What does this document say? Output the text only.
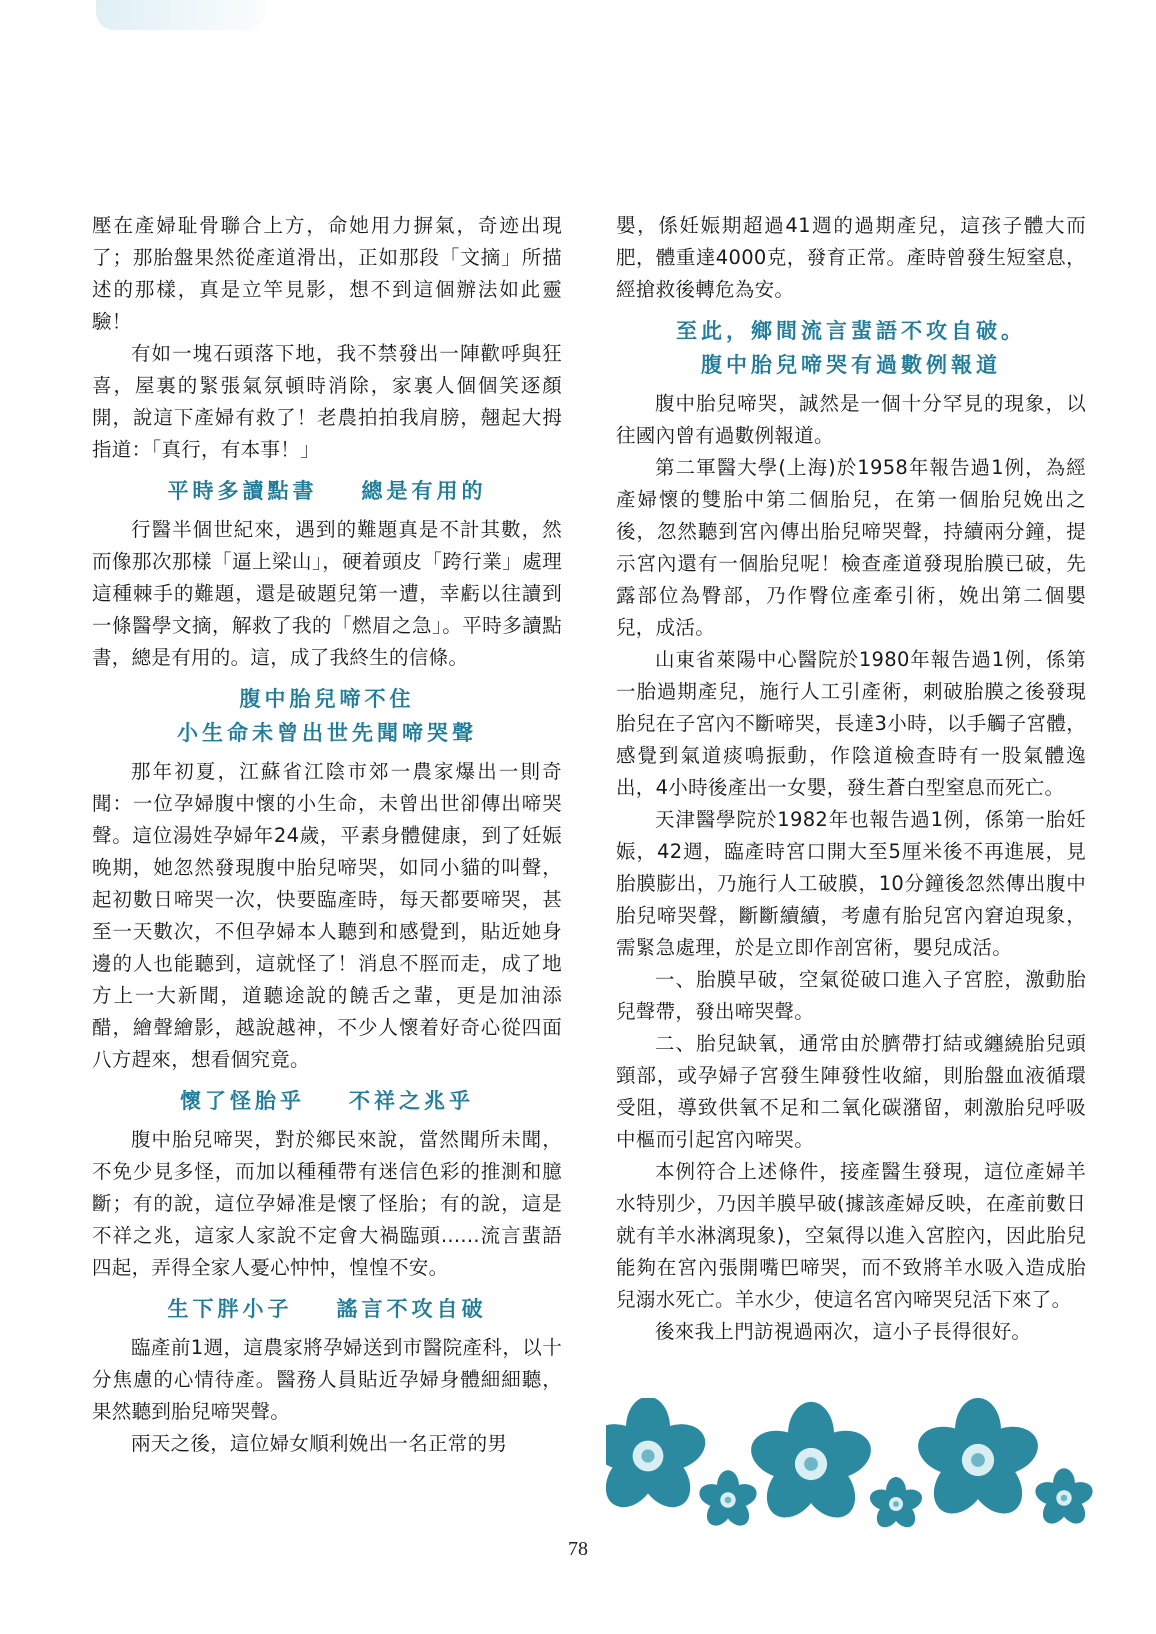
壓在產婦耻骨聯合上方，命她用力摒氣，奇迹出現了；那胎盤果然從產道滑出，正如那段「文摘」所描述的那樣，真是立竿見影，想不到這個辦法如此靈驗！

有如一塊石頭落下地，我不禁發出一陣歡呼與狂喜，屋裏的緊張氣氛頓時消除，家裏人個個笑逐顏開，說這下產婦有救了！老農拍拍我肩膀，翹起大拇指道：「真行，有本事！」

平時多讀點書 總是有用的

行醫半個世紀來，遇到的難題真是不計其數，然而像那次那樣「逼上梁山」，硬着頭皮「跨行業」處理這種棘手的難題，還是破題兒第一遭，幸虧以往讀到一條醫學文摘，解救了我的「燃眉之急」。平時多讀點書，總是有用的。這，成了我終生的信條。

腹中胎兒啼不住
小生命未曾出世先聞啼哭聲

那年初夏，江蘇省江陰市郊一農家爆出一則奇聞：一位孕婦腹中懷的小生命，未曾出世卻傳出啼哭聲。這位湯姓孕婦年24歲，平素身體健康，到了妊娠晚期，她忽然發現腹中胎兒啼哭，如同小貓的叫聲，起初數日啼哭一次，快要臨產時，每天都要啼哭，甚至一天數次，不但孕婦本人聽到和感覺到，貼近她身邊的人也能聽到，這就怪了！消息不脛而走，成了地方上一大新聞，道聽途說的饒舌之輩，更是加油添醋，繪聲繪影，越說越神，不少人懷着好奇心從四面八方趕來，想看個究竟。

懷了怪胎乎 不祥之兆乎

腹中胎兒啼哭，對於鄉民來說，當然聞所未聞，不免少見多怪，而加以種種帶有迷信色彩的推測和臆斷；有的說，這位孕婦准是懷了怪胎；有的說，這是不祥之兆，這家人家說不定會大禍臨頭......流言蜚語四起，弄得全家人憂心忡忡，惶惶不安。

生下胖小子 謠言不攻自破

臨產前1週，這農家將孕婦送到市醫院產科，以十分焦慮的心情待產。醫務人員貼近孕婦身體細細聽，果然聽到胎兒啼哭聲。

兩天之後，這位婦女順利娩出一名正常的男

嬰，係妊娠期超過41週的過期產兒，這孩子體大而肥，體重達4000克，發育正常。產時曾發生短窒息，經搶救後轉危為安。

至此，鄉間流言蜚語不攻自破。
腹中胎兒啼哭有過數例報道

腹中胎兒啼哭，誠然是一個十分罕見的現象，以往國內曾有過數例報道。

第二軍醫大學(上海)於1958年報告過1例，為經產婦懷的雙胎中第二個胎兒，在第一個胎兒娩出之後，忽然聽到宮內傳出胎兒啼哭聲，持續兩分鐘，提示宮內還有一個胎兒呢！檢查產道發現胎膜已破，先露部位為臀部，乃作臀位產牽引術，娩出第二個嬰兒，成活。

山東省萊陽中心醫院於1980年報告過1例，係第一胎過期產兒，施行人工引產術，刺破胎膜之後發現胎兒在子宮內不斷啼哭，長達3小時，以手觸子宮體，感覺到氣道痰鳴振動，作陰道檢查時有一股氣體逸出，4小時後產出一女嬰，發生蒼白型窒息而死亡。

天津醫學院於1982年也報告過1例，係第一胎妊娠，42週，臨產時宮口開大至5厘米後不再進展，見胎膜膨出，乃施行人工破膜，10分鐘後忽然傳出腹中胎兒啼哭聲，斷斷續續，考慮有胎兒宮內窘迫現象，需緊急處理，於是立即作剖宮術，嬰兒成活。

一、胎膜早破，空氣從破口進入子宮腔，激動胎兒聲帶，發出啼哭聲。

二、胎兒缺氧，通常由於臍帶打結或纏繞胎兒頭頸部，或孕婦子宮發生陣發性收縮，則胎盤血液循環受阻，導致供氧不足和二氧化碳潴留，刺激胎兒呼吸中樞而引起宮內啼哭。

本例符合上述條件，接產醫生發現，這位產婦羊水特別少，乃因羊膜早破(據該產婦反映，在產前數日就有羊水淋漓現象)，空氣得以進入宮腔內，因此胎兒能夠在宮內張開嘴巴啼哭，而不致將羊水吸入造成胎兒溺水死亡。羊水少，使這名宮內啼哭兒活下來了。

後來我上門訪視過兩次，這小子長得很好。

78
